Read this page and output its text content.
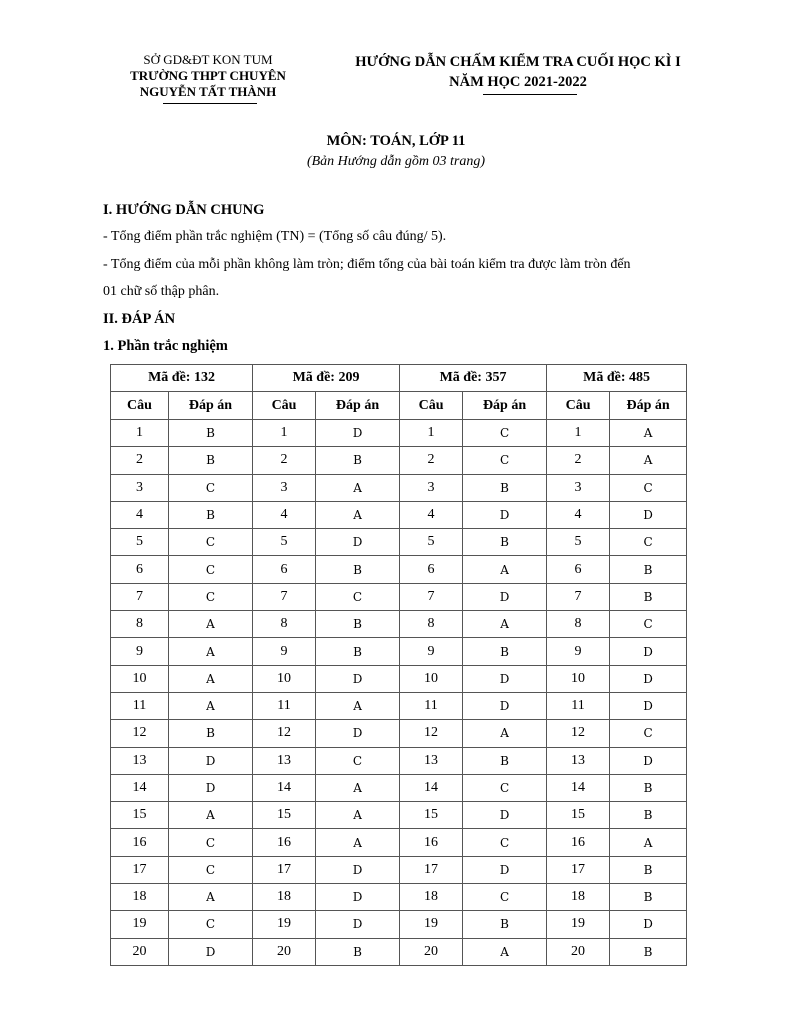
SỞ GD&ĐT KON TUM
TRƯỜNG THPT CHUYÊN
NGUYỄN TẤT THÀNH
HƯỚNG DẪN CHẤM KIỂM TRA CUỐI HỌC KÌ I
NĂM HỌC 2021-2022
MÔN: TOÁN, LỚP 11
(Bản Hướng dẫn gồm 03 trang)
I. HƯỚNG DẪN CHUNG
- Tổng điểm phần trắc nghiệm (TN) = (Tổng số câu đúng/ 5).
- Tổng điểm của mỗi phần không làm tròn; điểm tổng của bài toán kiểm tra được làm tròn đến
01 chữ số thập phân.
II. ĐÁP ÁN
1. Phần trắc nghiệm
Mã đề: 132		Mã đề: 209		Mã đề: 357		Mã đề: 485	
Câu	Đáp án	Câu	Đáp án	Câu	Đáp án	Câu	Đáp án
1	B	1	D	1	C	1	A
2	B	2	B	2	C	2	A
3	C	3	A	3	B	3	C
4	B	4	A	4	D	4	D
5	C	5	D	5	B	5	C
6	C	6	B	6	A	6	B
7	C	7	C	7	D	7	B
8	A	8	B	8	A	8	C
9	A	9	B	9	B	9	D
10	A	10	D	10	D	10	D
11	A	11	A	11	D	11	D
12	B	12	D	12	A	12	C
13	D	13	C	13	B	13	D
14	D	14	A	14	C	14	B
15	A	15	A	15	D	15	B
16	C	16	A	16	C	16	A
17	C	17	D	17	D	17	B
18	A	18	D	18	C	18	B
19	C	19	D	19	B	19	D
20	D	20	B	20	A	20	B
